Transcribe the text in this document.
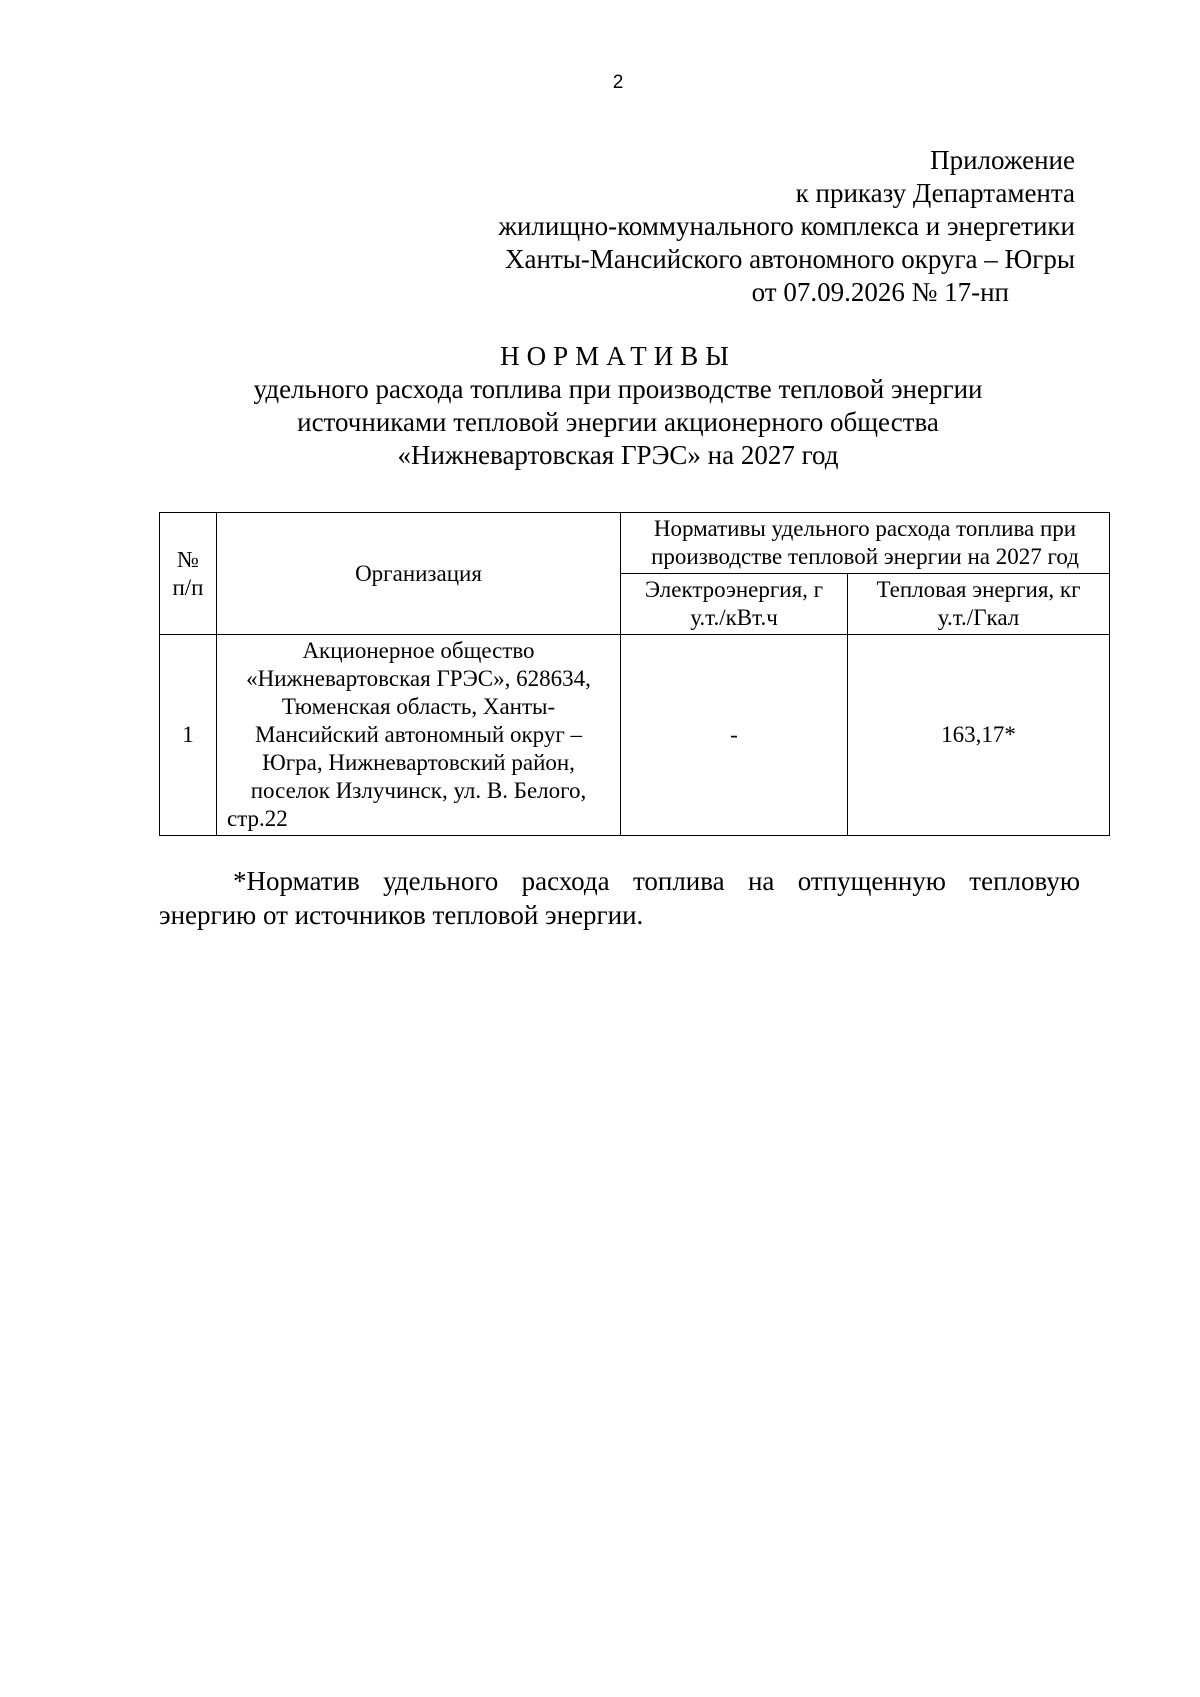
2
Приложение
к приказу Департамента
жилищно-коммунального комплекса и энергетики
Ханты-Мансийского автономного округа – Югры
от 07.09.2026 № 17-нп
НОРМАТИВЫ
удельного расхода топлива при производстве тепловой энергии
источниками тепловой энергии акционерного общества
«Нижневартовская ГРЭС» на 2027 год
№ п/п	Организация	Нормативы удельного расхода топлива при производстве тепловой энергии на 2027 год	
		Электроэнергия, г у.т./кВт.ч	Тепловая энергия, кг у.т./Гкал
1	Акционерное общество «Нижневартовская ГРЭС», 628634, Тюменская область, Ханты-Мансийский автономный округ – Югра, Нижневартовский район, поселок Излучинск, ул. В. Белого, стр.22	-	163,17*
*Норматив удельного расхода топлива на отпущенную тепловую энергию от источников тепловой энергии.
